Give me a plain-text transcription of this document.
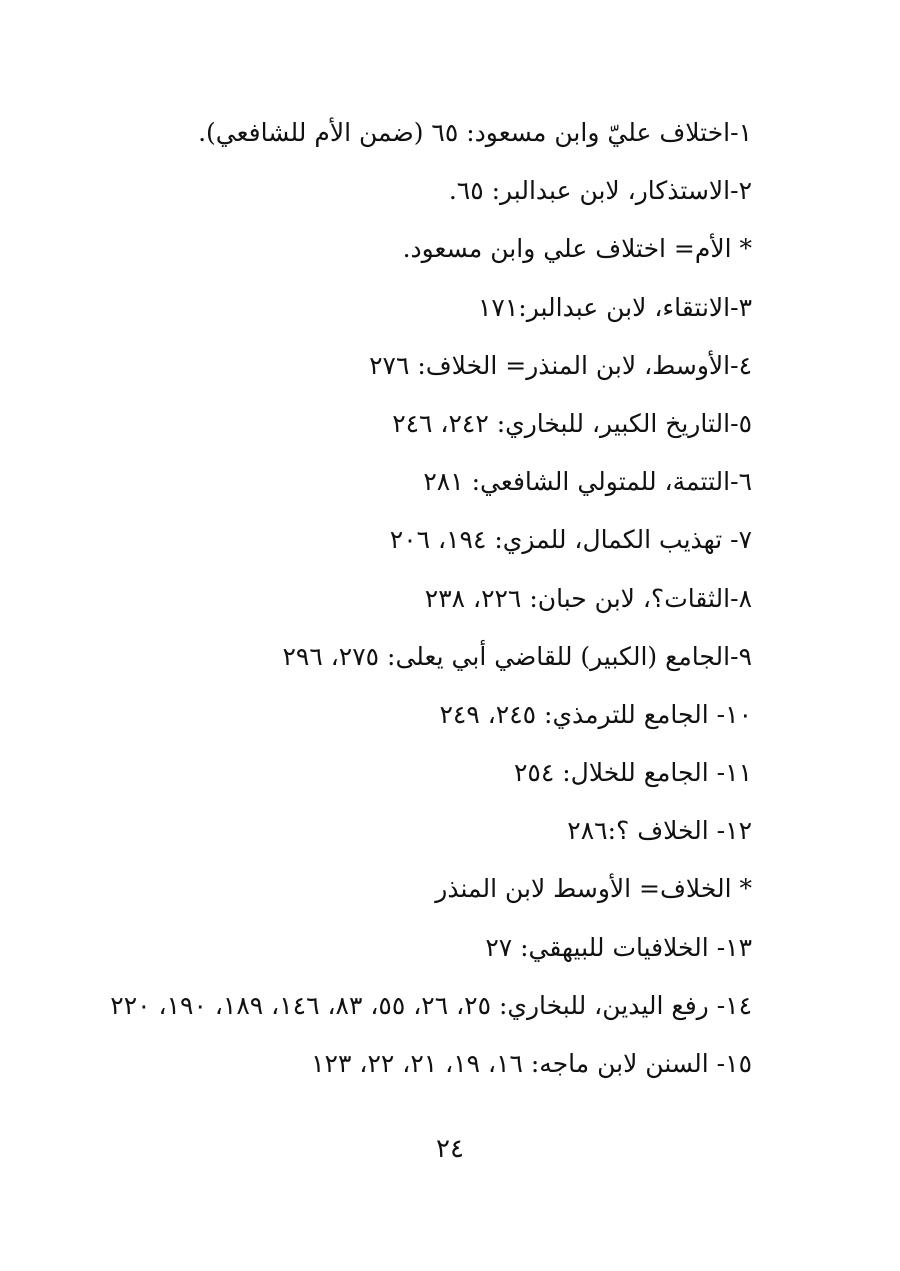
١-اختلاف عليّ وابن مسعود: ٦٥ (ضمن الأم للشافعي).
٢-الاستذكار، لابن عبدالبر: ٦٥.
* الأم= اختلاف علي وابن مسعود.
٣-الانتقاء، لابن عبدالبر:١٧١
٤-الأوسط، لابن المنذر= الخلاف: ٢٧٦
٥-التاريخ الكبير، للبخاري: ٢٤٢، ٢٤٦
٦-التتمة، للمتولي الشافعي: ٢٨١
٧- تهذيب الكمال، للمزي: ١٩٤، ٢٠٦
٨-الثقات؟، لابن حبان: ٢٢٦، ٢٣٨
٩-الجامع (الكبير) للقاضي أبي يعلى: ٢٧٥، ٢٩٦
١٠- الجامع للترمذي: ٢٤٥، ٢٤٩
١١- الجامع للخلال: ٢٥٤
١٢- الخلاف ؟:٢٨٦
* الخلاف= الأوسط لابن المنذر
١٣- الخلافيات للبيهقي: ٢٧
١٤- رفع اليدين، للبخاري: ٢٥، ٢٦، ٥٥، ٨٣، ١٤٦، ١٨٩، ١٩٠، ٢٢٠
١٥- السنن لابن ماجه: ١٦، ١٩، ٢١، ٢٢، ١٢٣
٢٤
